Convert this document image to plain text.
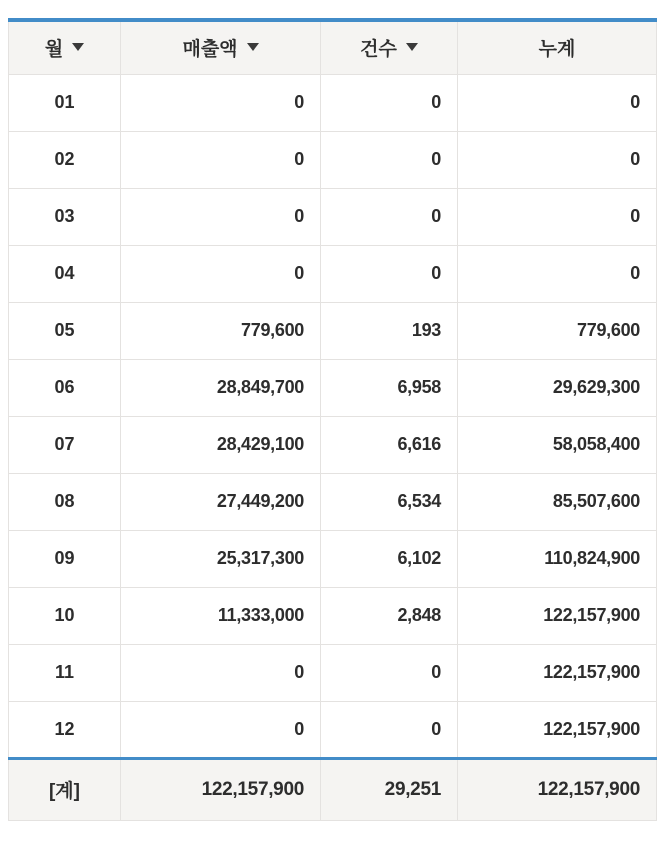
월	매출액	건수	누계
01	0	0	0
02	0	0	0
03	0	0	0
04	0	0	0
05	779,600	193	779,600
06	28,849,700	6,958	29,629,300
07	28,429,100	6,616	58,058,400
08	27,449,200	6,534	85,507,600
09	25,317,300	6,102	110,824,900
10	11,333,000	2,848	122,157,900
11	0	0	122,157,900
12	0	0	122,157,900
[계]	122,157,900	29,251	122,157,900
